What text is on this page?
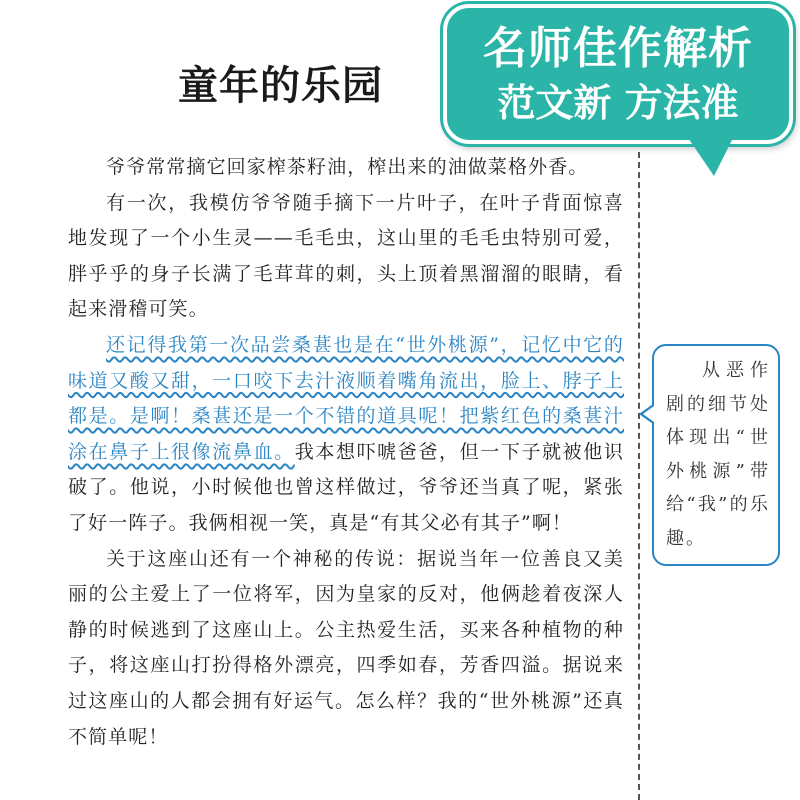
童年的乐园
名师佳作解析
范文新 方法准

爷爷常常摘它回家榨茶籽油，榨出来的油做菜格外香。

有一次，我模仿爷爷随手摘下一片叶子，在叶子背面惊喜地发现了一个小生灵——毛毛虫，这山里的毛毛虫特别可爱，胖乎乎的身子长满了毛茸茸的刺，头上顶着黑溜溜的眼睛，看起来滑稽可笑。

还记得我第一次品尝桑葚也是在“世外桃源”，记忆中它的味道又酸又甜，一口咬下去汁液顺着嘴角流出，脸上、脖子上都是。是啊！桑葚还是一个不错的道具呢！把紫红色的桑葚汁涂在鼻子上很像流鼻血。我本想吓唬爸爸，但一下子就被他识破了。他说，小时候他也曾这样做过，爷爷还当真了呢，紧张了好一阵子。我俩相视一笑，真是“有其父必有其子”啊！

关于这座山还有一个神秘的传说：据说当年一位善良又美丽的公主爱上了一位将军，因为皇家的反对，他俩趁着夜深人静的时候逃到了这座山上。公主热爱生活，买来各种植物的种子，将这座山打扮得格外漂亮，四季如春，芳香四溢。据说来过这座山的人都会拥有好运气。怎么样？我的“世外桃源”还真不简单呢！

从恶作剧的细节处体现出“世外桃源”带给“我”的乐趣。
